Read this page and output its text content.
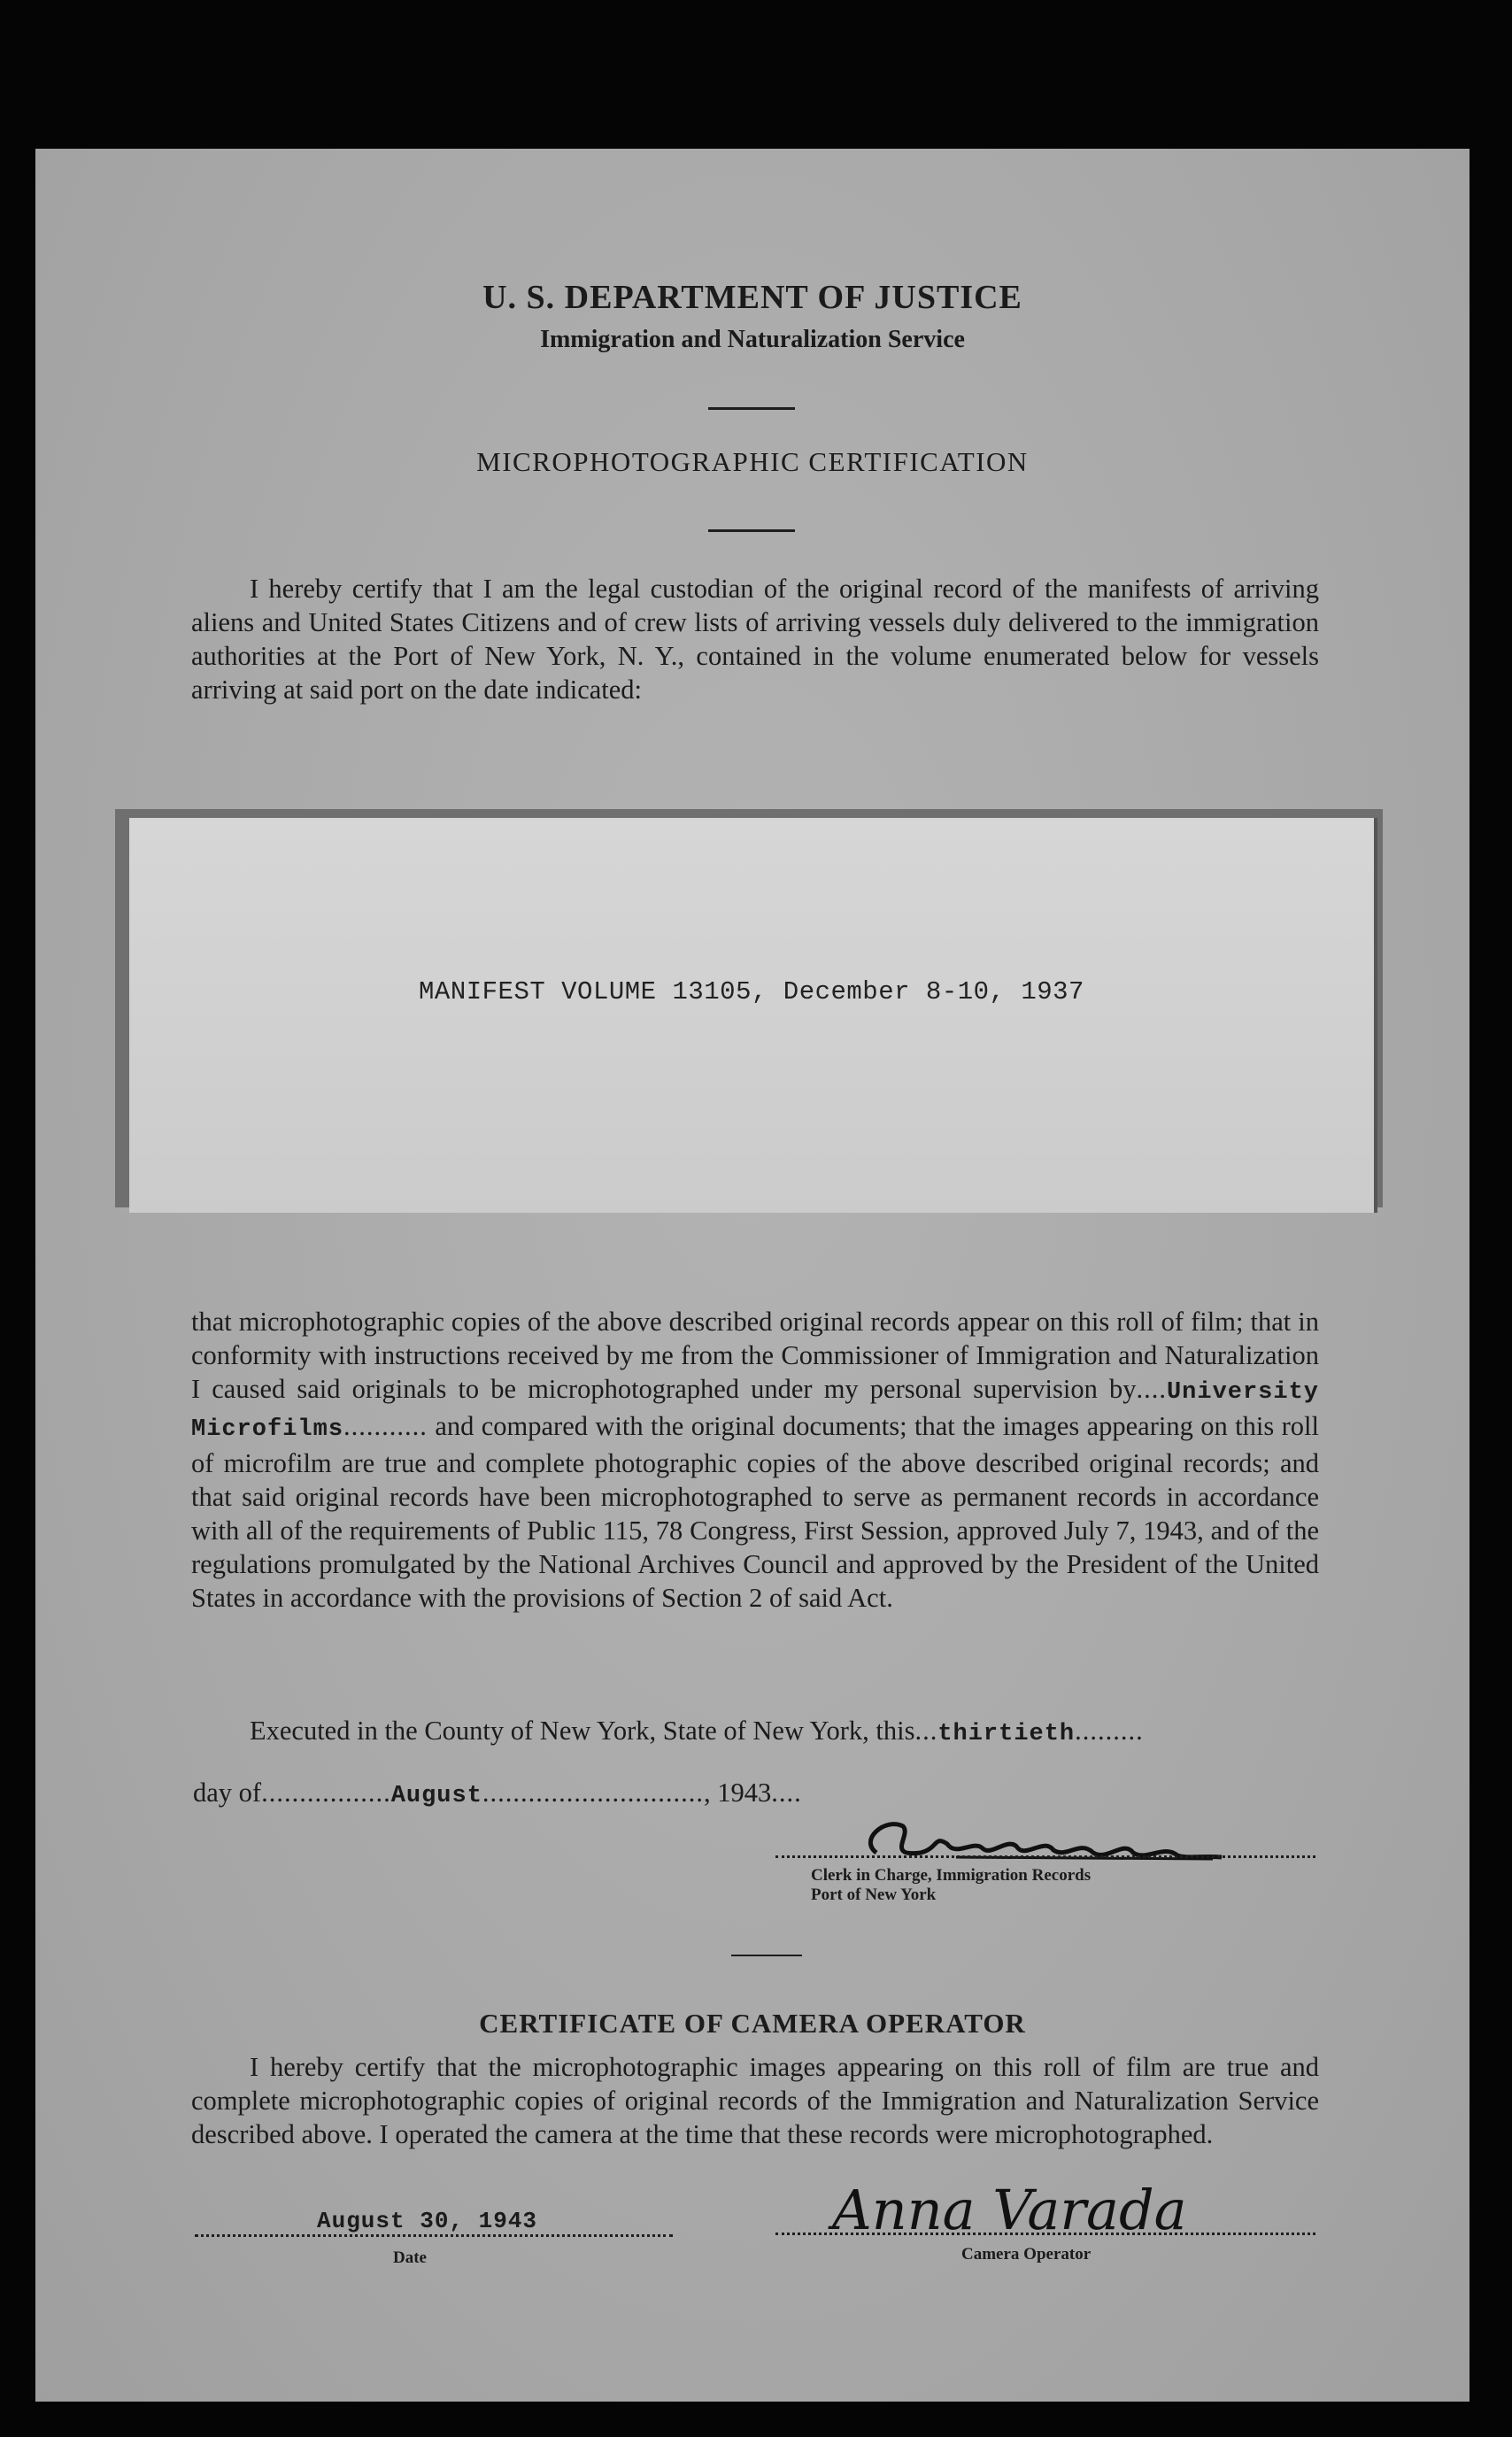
U. S. DEPARTMENT OF JUSTICE
Immigration and Naturalization Service
MICROPHOTOGRAPHIC CERTIFICATION

I hereby certify that I am the legal custodian of the original record of the manifests of arriving aliens and United States Citizens and of crew lists of arriving vessels duly delivered to the immigration authorities at the Port of New York, N. Y., contained in the volume enumerated below for vessels arriving at said port on the date indicated:

MANIFEST VOLUME 13105, December 8-10, 1937

that microphotographic copies of the above described original records appear on this roll of film; that in conformity with instructions received by me from the Commissioner of Immigration and Naturalization I caused said originals to be microphotographed under my personal supervision by....University Microfilms........... and compared with the original documents; that the images appearing on this roll of microfilm are true and complete photographic copies of the above described original records; and that said original records have been microphotographed to serve as permanent records in accordance with all of the requirements of Public 115, 78 Congress, First Session, approved July 7, 1943, and of the regulations promulgated by the National Archives Council and approved by the President of the United States in accordance with the provisions of Section 2 of said Act.

Executed in the County of New York, State of New York, this...thirtieth.........
day of.................August............................., 1943....
Clerk in Charge, Immigration Records
Port of New York
CERTIFICATE OF CAMERA OPERATOR

I hereby certify that the microphotographic images appearing on this roll of film are true and complete microphotographic copies of original records of the Immigration and Naturalization Service described above. I operated the camera at the time that these records were microphotographed.

August 30, 1943
Date
Anna Varada
Camera Operator
